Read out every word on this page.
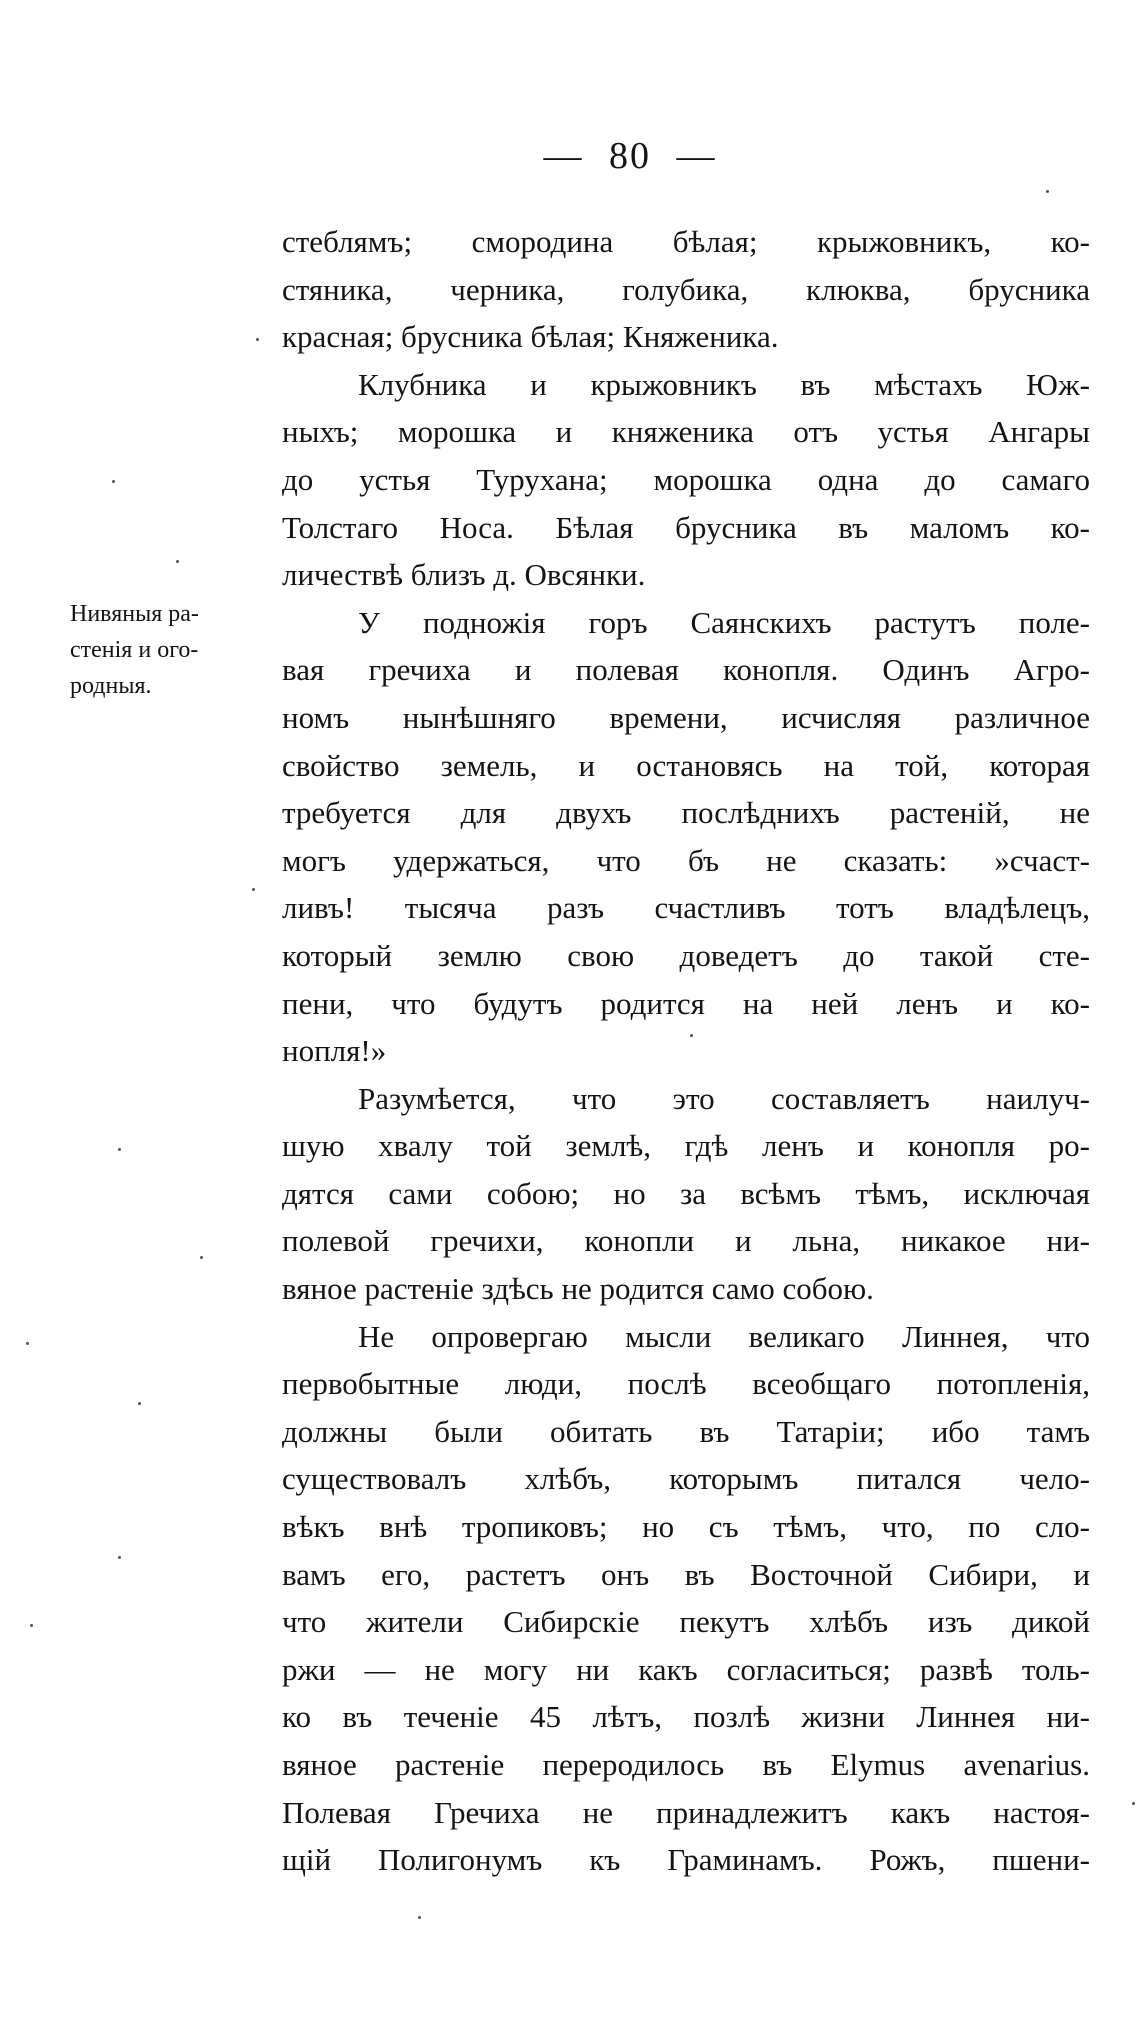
— 80 —
Нивяныя ра-
стенія и ого-
родныя.
стеблямъ; смородина бѣлая; крыжовникъ, ко-
стяника, черника, голубика, клюква, брусника
красная; брусника бѣлая; Княженика.
Клубника и крыжовникъ въ мѣстахъ Юж-
ныхъ; морошка и княженика отъ устья Ангары
до устья Турухана; морошка одна до самаго
Толстаго Носа. Бѣлая брусника въ маломъ ко-
личествѣ близъ д. Овсянки.
У подножія горъ Саянскихъ растутъ поле-
вая гречиха и полевая конопля. Одинъ Агро-
номъ нынѣшняго времени, исчисляя различное
свойство земель, и остановясь на той, которая
требуется для двухъ послѣднихъ растеній, не
могъ удержаться, что бъ не сказать: »счаст-
ливъ! тысяча разъ счастливъ тотъ владѣлецъ,
который землю свою доведетъ до такой сте-
пени, что будутъ родится на ней ленъ и ко-
нопля!»
Разумѣется, что это составляетъ наилуч-
шую хвалу той землѣ, гдѣ ленъ и конопля ро-
дятся сами собою; но за всѣмъ тѣмъ, исключая
полевой гречихи, конопли и льна, никакое ни-
вяное растеніе здѣсь не родится само собою.
Не опровергаю мысли великаго Линнея, что
первобытные люди, послѣ всеобщаго потопленія,
должны были обитать въ Татаріи; ибо тамъ
существовалъ хлѣбъ, которымъ питался чело-
вѣкъ внѣ тропиковъ; но съ тѣмъ, что, по сло-
вамъ его, растетъ онъ въ Восточной Сибири, и
что жители Сибирскіе пекутъ хлѣбъ изъ дикой
ржи — не могу ни какъ согласиться; развѣ толь-
ко въ теченіе 45 лѣтъ, позлѣ жизни Линнея ни-
вяное растеніе переродилось въ Elymus avenarius.
Полевая Гречиха не принадлежитъ какъ настоя-
щій Полигонумъ къ Граминамъ. Рожъ, пшени-
